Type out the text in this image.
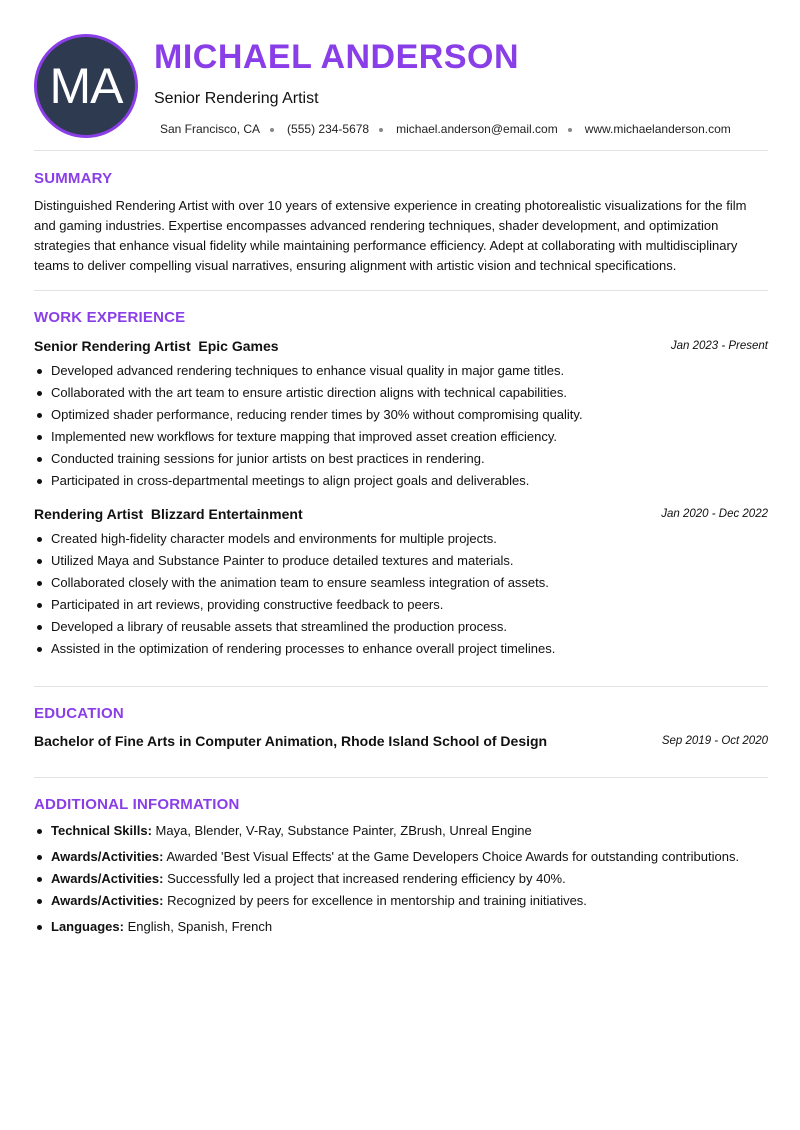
MA
MICHAEL ANDERSON
Senior Rendering Artist
San Francisco, CA (555) 234-5678 michael.anderson@email.com www.michaelanderson.com
SUMMARY

Distinguished Rendering Artist with over 10 years of extensive experience in creating photorealistic visualizations for the film and gaming industries. Expertise encompasses advanced rendering techniques, shader development, and optimization strategies that enhance visual fidelity while maintaining performance efficiency. Adept at collaborating with multidisciplinary teams to deliver compelling visual narratives, ensuring alignment with artistic vision and technical specifications.

WORK EXPERIENCE
Senior Rendering Artist  Epic Games	Jan 2023 - Present
Developed advanced rendering techniques to enhance visual quality in major game titles.
Collaborated with the art team to ensure artistic direction aligns with technical capabilities.
Optimized shader performance, reducing render times by 30% without compromising quality.
Implemented new workflows for texture mapping that improved asset creation efficiency.
Conducted training sessions for junior artists on best practices in rendering.
Participated in cross-departmental meetings to align project goals and deliverables.
Rendering Artist  Blizzard Entertainment	Jan 2020 - Dec 2022
Created high-fidelity character models and environments for multiple projects.
Utilized Maya and Substance Painter to produce detailed textures and materials.
Collaborated closely with the animation team to ensure seamless integration of assets.
Participated in art reviews, providing constructive feedback to peers.
Developed a library of reusable assets that streamlined the production process.
Assisted in the optimization of rendering processes to enhance overall project timelines.
EDUCATION
Bachelor of Fine Arts in Computer Animation, Rhode Island School of Design	Sep 2019 - Oct 2020
ADDITIONAL INFORMATION
Technical Skills: Maya, Blender, V-Ray, Substance Painter, ZBrush, Unreal Engine
Awards/Activities: Awarded 'Best Visual Effects' at the Game Developers Choice Awards for outstanding contributions.
Awards/Activities: Successfully led a project that increased rendering efficiency by 40%.
Awards/Activities: Recognized by peers for excellence in mentorship and training initiatives.
Languages: English, Spanish, French
